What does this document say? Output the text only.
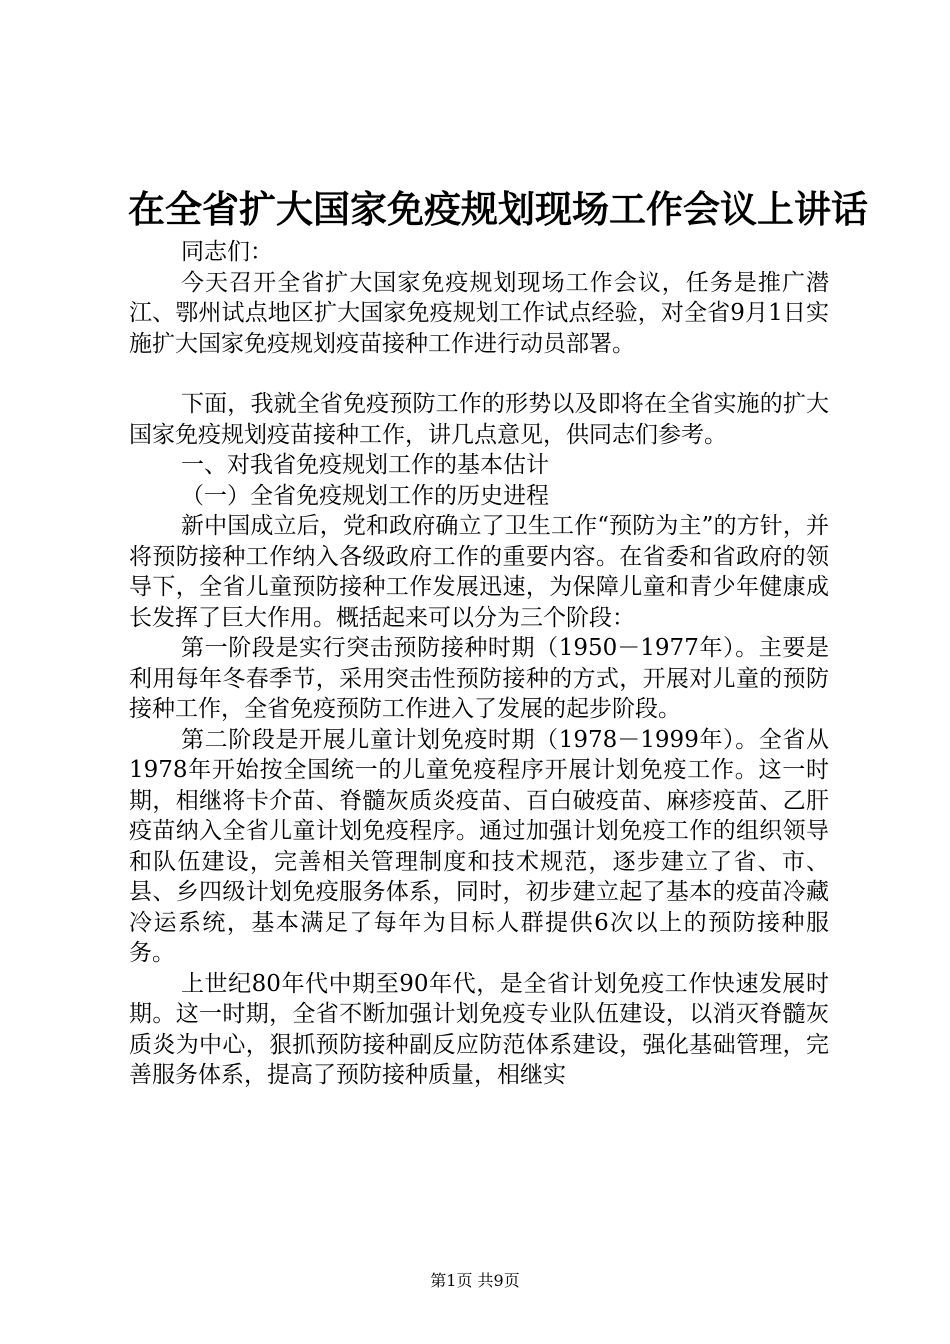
在全省扩大国家免疫规划现场工作会议上讲话

同志们：

今天召开全省扩大国家免疫规划现场工作会议，任务是推广潜江、鄂州试点地区扩大国家免疫规划工作试点经验，对全省9月1日实施扩大国家免疫规划疫苗接种工作进行动员部署。

下面，我就全省免疫预防工作的形势以及即将在全省实施的扩大国家免疫规划疫苗接种工作，讲几点意见，供同志们参考。

一、对我省免疫规划工作的基本估计

（一）全省免疫规划工作的历史进程

新中国成立后，党和政府确立了卫生工作“预防为主”的方针，并将预防接种工作纳入各级政府工作的重要内容。在省委和省政府的领导下，全省儿童预防接种工作发展迅速，为保障儿童和青少年健康成长发挥了巨大作用。概括起来可以分为三个阶段：

第一阶段是实行突击预防接种时期（1950－1977年）。主要是利用每年冬春季节，采用突击性预防接种的方式，开展对儿童的预防接种工作，全省免疫预防工作进入了发展的起步阶段。

第二阶段是开展儿童计划免疫时期（1978－1999年）。全省从1978年开始按全国统一的儿童免疫程序开展计划免疫工作。这一时期，相继将卡介苗、脊髓灰质炎疫苗、百白破疫苗、麻疹疫苗、乙肝疫苗纳入全省儿童计划免疫程序。通过加强计划免疫工作的组织领导和队伍建设，完善相关管理制度和技术规范，逐步建立了省、市、县、乡四级计划免疫服务体系，同时，初步建立起了基本的疫苗冷藏冷运系统，基本满足了每年为目标人群提供6次以上的预防接种服务。

上世纪80年代中期至90年代，是全省计划免疫工作快速发展时期。这一时期，全省不断加强计划免疫专业队伍建设，以消灭脊髓灰质炎为中心，狠抓预防接种副反应防范体系建设，强化基础管理，完善服务体系，提高了预防接种质量，相继实

第1页 共9页
